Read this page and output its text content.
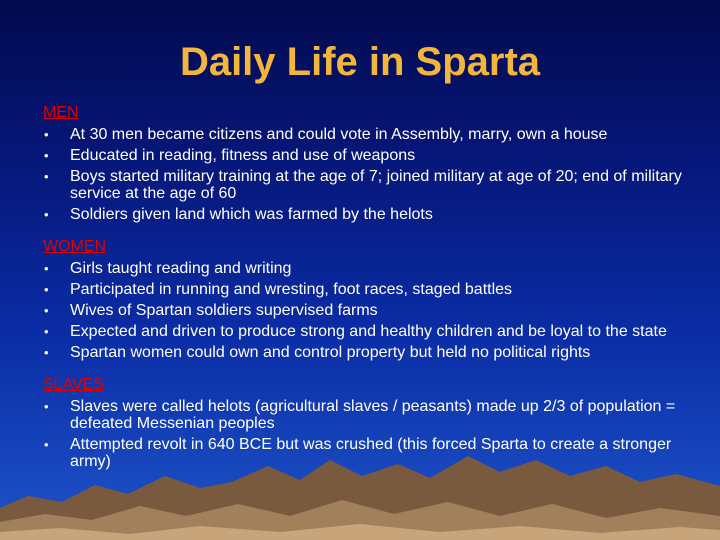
Daily Life in Sparta
MEN
• At 30 men became citizens and could vote in Assembly, marry, own a house
• Educated in reading, fitness and use of weapons
• Boys started military training at the age of 7; joined military at age of 20; end of military service at the age of 60
• Soldiers given land which was farmed by the helots
WOMEN
• Girls taught reading and writing
• Participated in running and wresting, foot races, staged battles
• Wives of Spartan soldiers supervised farms
• Expected and driven to produce strong and healthy children and be loyal to the state
• Spartan women could own and control property but held no political rights
SLAVES
• Slaves were called helots (agricultural slaves / peasants) made up 2/3 of population = defeated Messenian peoples
• Attempted revolt in 640 BCE but was crushed (this forced Sparta to create a stronger army)
